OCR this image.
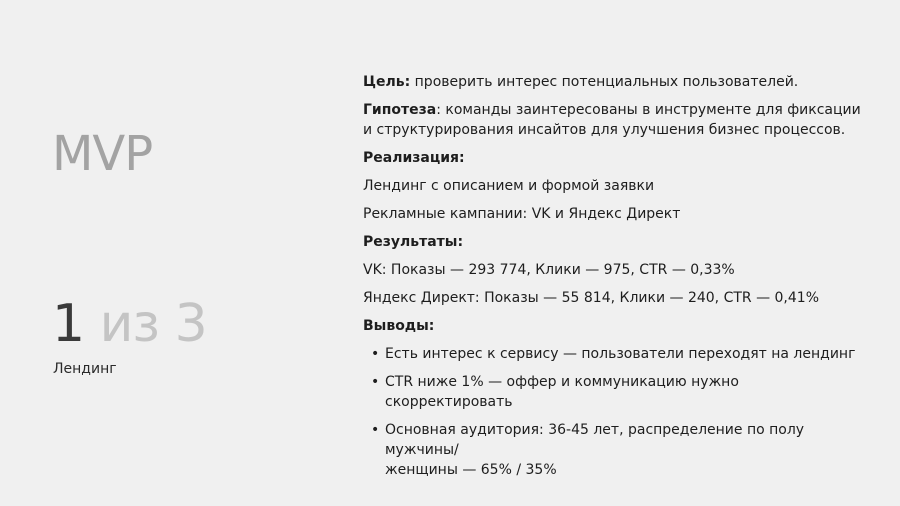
MVP
1 из 3
Лендинг

Цель: проверить интерес потенциальных пользователей.

Гипотеза: команды заинтересованы в инструменте для фиксации
и структурирования инсайтов для улучшения бизнес процессов.

Реализация:

Лендинг с описанием и формой заявки

Рекламные кампании: VK и Яндекс Директ

Результаты:

VK: Показы — 293 774, Клики — 975, CTR — 0,33%

Яндекс Директ: Показы — 55 814, Клики — 240, CTR — 0,41%

Выводы:

• Есть интерес к сервису — пользователи переходят на лендинг
• CTR ниже 1% — оффер и коммуникацию нужно скорректировать
• Основная аудитория: 36-45 лет, распределение по полу мужчины/
женщины — 65% / 35%
